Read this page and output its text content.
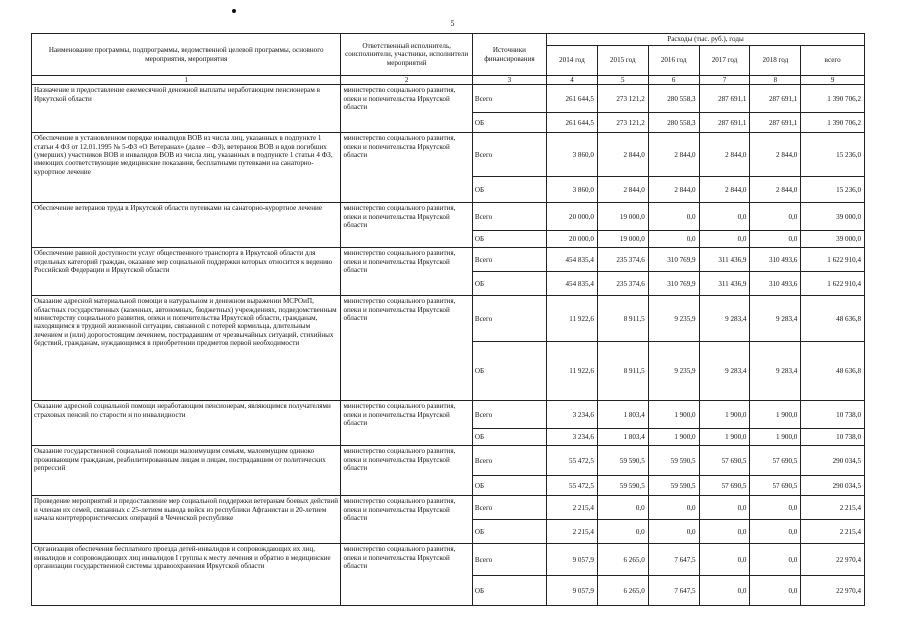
5
Наименование программы, подпрограммы, ведомственной целевой программы, основного мероприятия, мероприятия	Ответственный исполнитель, соисполнители, участники, исполнители мероприятий	Источники финансирования	Расходы (тыс. руб.), годы					
			2014 год	2015 год	2016 год	2017 год	2018 год	всего
1	2	3	4	5	6	7	8	9
Назначение и предоставление ежемесячной денежной выплаты неработающим пенсионерам в Иркутской области	министерство социального развития, опеки и попечительства Иркутской области	Всего	261 644,5	273 121,2	280 558,3	287 691,1	287 691,1	1 390 706,2
		ОБ	261 644,5	273 121,2	280 558,3	287 691,1	287 691,1	1 390 706,2
Обеспечение в установленном порядке инвалидов ВОВ из числа лиц, указанных в подпункте 1 статьи 4 ФЗ от 12.01.1995 № 5-ФЗ «О Ветеранах» (далее – ФЗ), ветеранов ВОВ и вдов погибших (умерших) участников ВОВ и инвалидов ВОВ из числа лиц, указанных в подпункте 1 статьи 4 ФЗ, имеющих соответствующие медицинские показания, бесплатными путевками на санаторно-курортное лечение	министерство социального развития, опеки и попечительства Иркутской области	Всего	3 860,0	2 844,0	2 844,0	2 844,0	2 844,0	15 236,0
		ОБ	3 860,0	2 844,0	2 844,0	2 844,0	2 844,0	15 236,0
Обеспечение ветеранов труда в Иркутской области путевками на санаторно-курортное лечение	министерство социального развития, опеки и попечительства Иркутской области	Всего	20 000,0	19 000,0	0,0	0,0	0,0	39 000,0
		ОБ	20 000,0	19 000,0	0,0	0,0	0,0	39 000,0
Обеспечение равной доступности услуг общественного транспорта в Иркутской области для отдельных категорий граждан, оказание мер социальной поддержки которых относится к ведению Российской Федерации и Иркутской области	министерство социального развития, опеки и попечительства Иркутской области	Всего	454 835,4	235 374,6	310 769,9	311 436,9	310 493,6	1 622 910,4
		ОБ	454 835,4	235 374,6	310 769,9	311 436,9	310 493,6	1 622 910,4
Оказание адресной материальной помощи в натуральном и денежном выражении МСРОиП, областных государственных (казенных, автономных, бюджетных) учреждениях, подведомственным министерству социального развития, опеки и попечительства Иркутской области, гражданам, находящимся в трудной жизненной ситуации, связанной с потерей кормильца, длительным лечением и (или) дорогостоящим лечением, пострадавшим от чрезвычайных ситуаций, стихийных бедствий, гражданам, нуждающимся в приобретении предметов первой необходимости	министерство социального развития, опеки и попечительства Иркутской области	Всего	11 922,6	8 911,5	9 235,9	9 283,4	9 283,4	48 636,8
		ОБ	11 922,6	8 911,5	9 235,9	9 283,4	9 283,4	48 636,8
Оказание адресной социальной помощи неработающим пенсионерам, являющимся получателями страховых пенсий по старости и по инвалидности	министерство социального развития, опеки и попечительства Иркутской области	Всего	3 234,6	1 803,4	1 900,0	1 900,0	1 900,0	10 738,0
		ОБ	3 234,6	1 803,4	1 900,0	1 900,0	1 900,0	10 738,0
Оказание государственной социальной помощи малоимущим семьям, малоимущим одиноко проживающим гражданам, реабилитированным лицам и лицам, пострадавшим от политических репрессий	министерство социального развития, опеки и попечительства Иркутской области	Всего	55 472,5	59 590,5	59 590,5	57 690,5	57 690,5	290 034,5
		ОБ	55 472,5	59 590,5	59 590,5	57 690,5	57 690,5	290 034,5
Проведение мероприятий и предоставление мер социальной поддержки ветеранам боевых действий и членам их семей, связанных с 25-летием вывода войск из республики Афганистан и 20-летием начала контртеррористических операций в Чеченской республике	министерство социального развития, опеки и попечительства Иркутской области	Всего	2 215,4	0,0	0,0	0,0	0,0	2 215,4
		ОБ	2 215,4	0,0	0,0	0,0	0,0	2 215,4
Организация обеспечения бесплатного проезда детей-инвалидов и сопровождающих их лиц, инвалидов и сопровождающих лиц инвалидов I группы к месту лечения и обратно в медицинские организации государственной системы здравоохранения Иркутской области	министерство социального развития, опеки и попечительства Иркутской области	Всего	9 057,9	6 265,0	7 647,5	0,0	0,0	22 970,4
		ОБ	9 057,9	6 265,0	7 647,5	0,0	0,0	22 970,4
